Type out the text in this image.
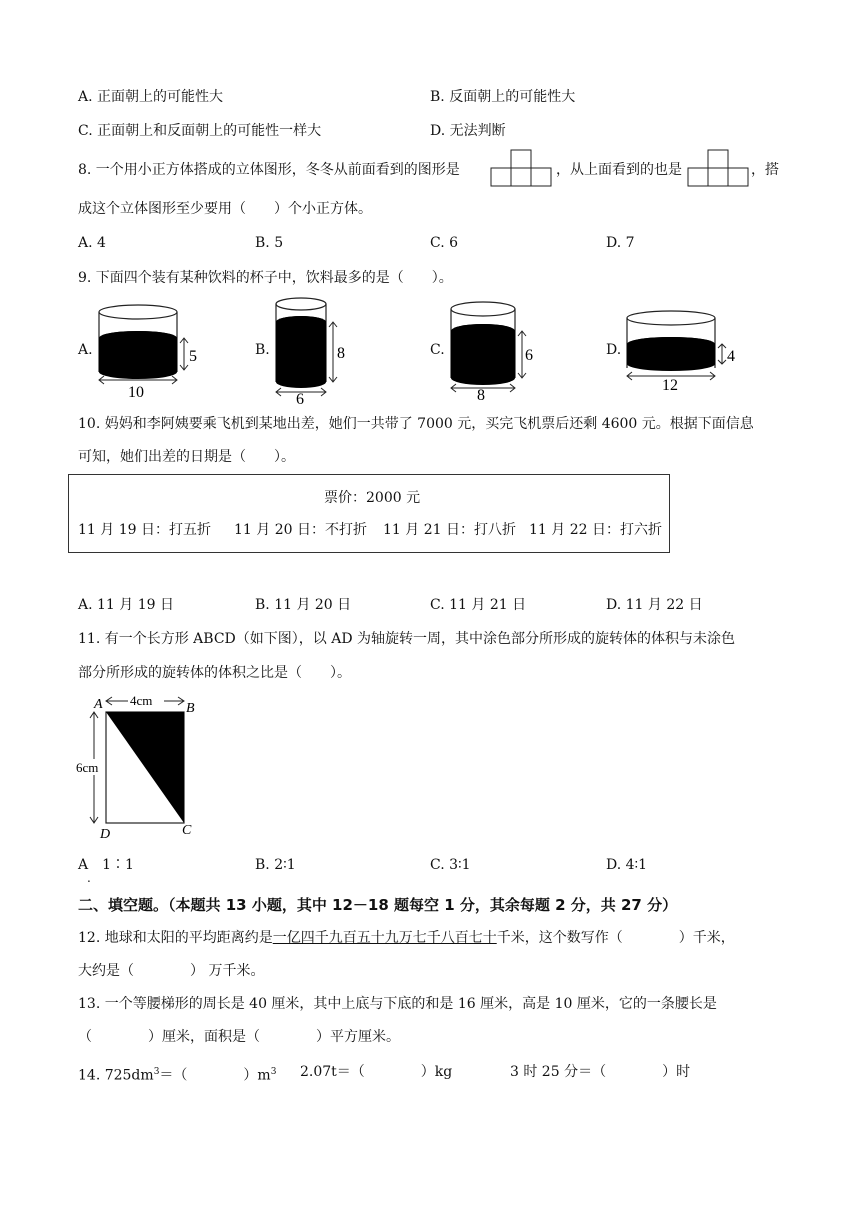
A. 正面朝上的可能性大	B. 反面朝上的可能性大
C. 正面朝上和反面朝上的可能性一样大	D. 无法判断
8. 一个用小正方体搭成的立体图形，冬冬从前面看到的图形是	，从上面看到的也是	，搭
成这个立体图形至少要用（　　）个小正方体。
A. 4	B. 5	C. 6	D. 7
9. 下面四个装有某种饮料的杯子中，饮料最多的是（　　）。
A.	5
10
B.	8
6
C.	6
8
D.	4
12
10. 妈妈和李阿姨要乘飞机到某地出差，她们一共带了 7000 元，买完飞机票后还剩 4600 元。根据下面信息
可知，她们出差的日期是（　　）。
票价：2000 元
11 月 19 日：打五折 11 月 20 日：不打折 11 月 21 日：打八折 11 月 22 日：打六折
A. 11 月 19 日	B. 11 月 20 日	C. 11 月 21 日	D. 11 月 22 日
11. 有一个长方形 ABCD（如下图），以 AD 为轴旋转一周，其中涂色部分所形成的旋转体的体积与未涂色
部分所形成的旋转体的体积之比是（　　）。
A	B
D	C
4cm
6cm
A　1∶1
.
B. 2∶1	C. 3∶1	D. 4∶1
二、填空题。（本题共 13 小题，其中 12－18 题每空 1 分，其余每题 2 分，共 27 分）
12. 地球和太阳的平均距离约是一亿四千九百五十九万七千八百七十千米，这个数写作（　　　　）千米，
大约是（　　　　） 万千米。
13. 一个等腰梯形的周长是 40 厘米，其中上底与下底的和是 16 厘米，高是 10 厘米，它的一条腰长是
（　　　　）厘米，面积是（　　　　）平方厘米。
14. $725dm^3=$（　　　　）$m^3$ 2.07t＝（　　　　）kg	3 时 25 分＝（　　　　）时
